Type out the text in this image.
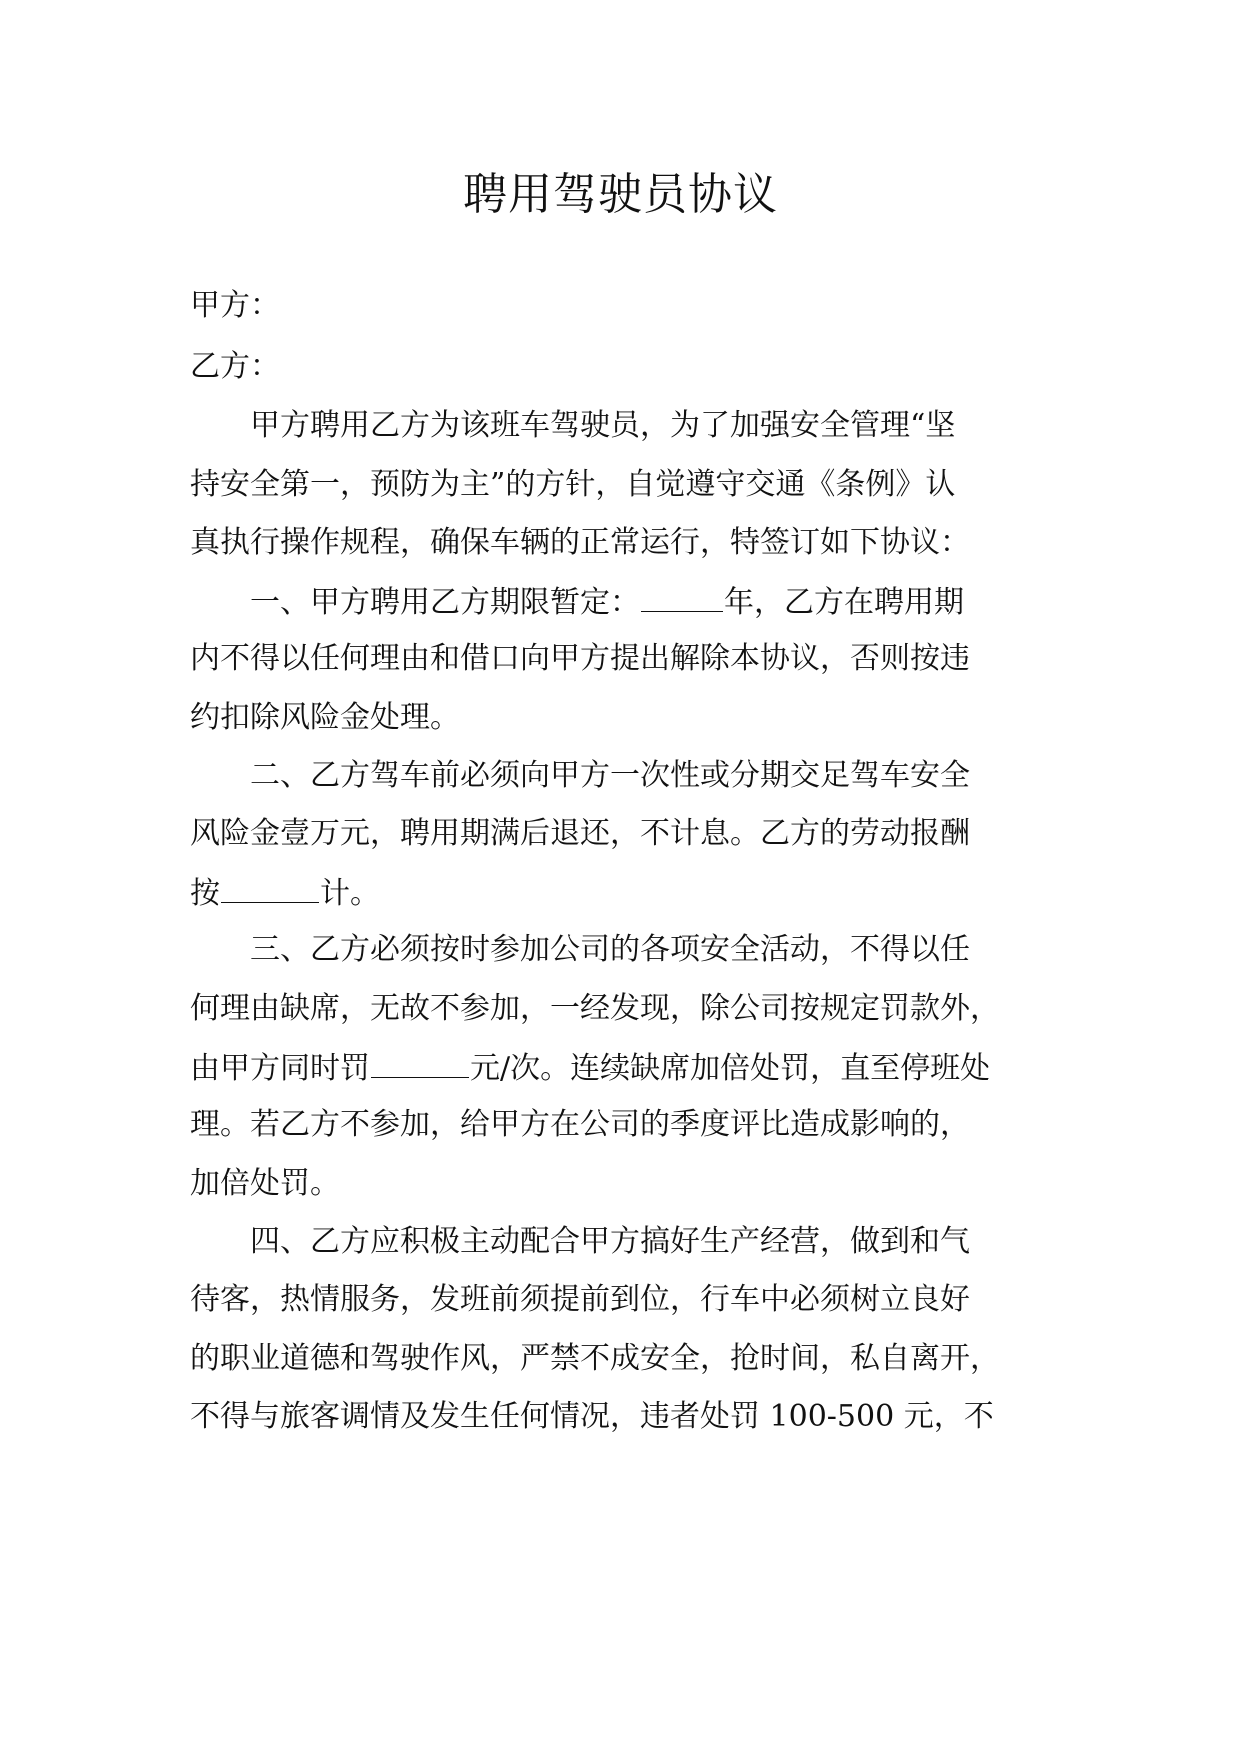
聘用驾驶员协议
甲方：
乙方：
　　甲方聘用乙方为该班车驾驶员，为了加强安全管理“坚
持安全第一，预防为主”的方针，自觉遵守交通《条例》认
真执行操作规程，确保车辆的正常运行，特签订如下协议：
　　一、甲方聘用乙方期限暂定：	年，乙方在聘用期
内不得以任何理由和借口向甲方提出解除本协议，否则按违
约扣除风险金处理。
　　二、乙方驾车前必须向甲方一次性或分期交足驾车安全
风险金壹万元，聘用期满后退还，不计息。乙方的劳动报酬
按	计。
　　三、乙方必须按时参加公司的各项安全活动，不得以任
何理由缺席，无故不参加，一经发现，除公司按规定罚款外，
由甲方同时罚	元/次。连续缺席加倍处罚，直至停班处
理。若乙方不参加，给甲方在公司的季度评比造成影响的，
加倍处罚。
　　四、乙方应积极主动配合甲方搞好生产经营，做到和气
待客，热情服务，发班前须提前到位，行车中必须树立良好
的职业道德和驾驶作风，严禁不成安全，抢时间，私自离开，
不得与旅客调情及发生任何情况，违者处罚 100-500 元，不
